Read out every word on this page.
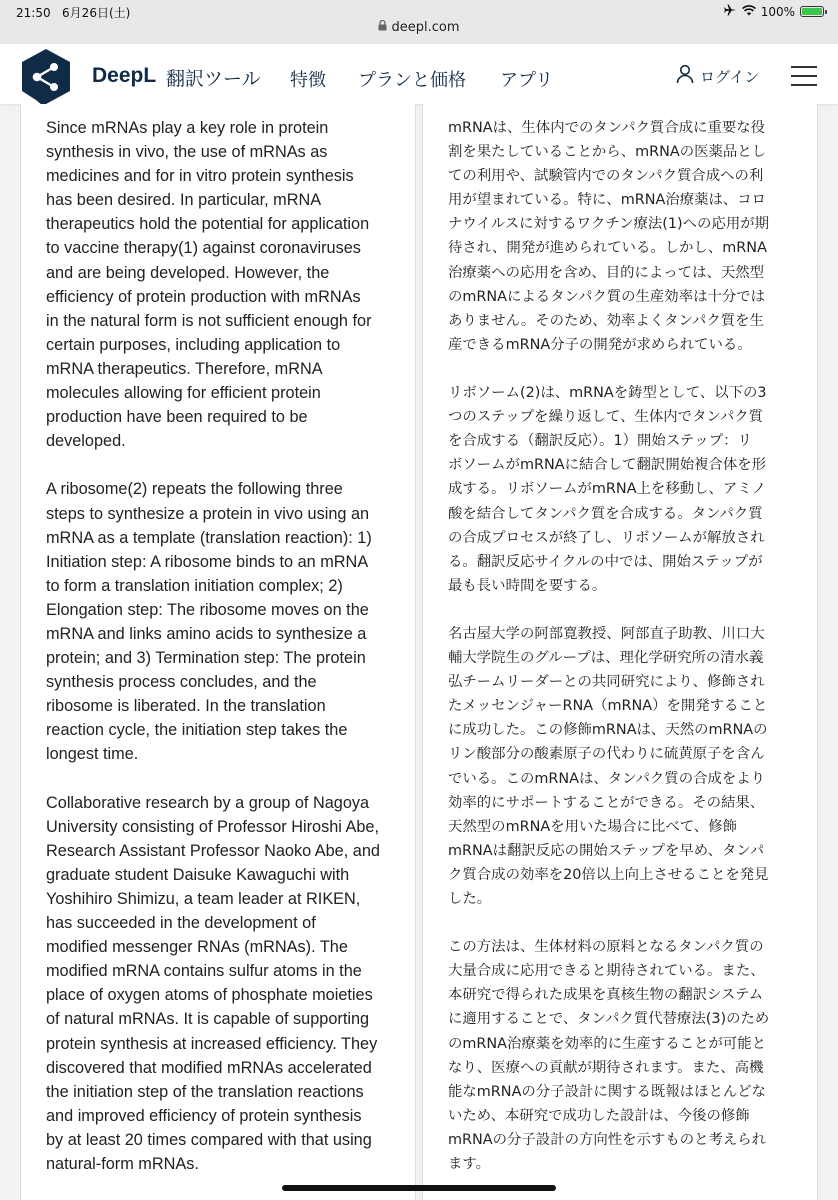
21:50 6月26日(土)
deepl.com
100%
DeepL 翻訳ツール 特徴 プランと価格 アプリ	ログイン
Since mRNAs play a key role in protein
synthesis in vivo, the use of mRNAs as
medicines and for in vitro protein synthesis
has been desired. In particular, mRNA
therapeutics hold the potential for application
to vaccine therapy(1) against coronaviruses
and are being developed. However, the
efficiency of protein production with mRNAs
in the natural form is not sufficient enough for
certain purposes, including application to
mRNA therapeutics. Therefore, mRNA
molecules allowing for efficient protein
production have been required to be
developed.

A ribosome(2) repeats the following three
steps to synthesize a protein in vivo using an
mRNA as a template (translation reaction): 1)
Initiation step: A ribosome binds to an mRNA
to form a translation initiation complex; 2)
Elongation step: The ribosome moves on the
mRNA and links amino acids to synthesize a
protein; and 3) Termination step: The protein
synthesis process concludes, and the
ribosome is liberated. In the translation
reaction cycle, the initiation step takes the
longest time.

Collaborative research by a group of Nagoya
University consisting of Professor Hiroshi Abe,
Research Assistant Professor Naoko Abe, and
graduate student Daisuke Kawaguchi with
Yoshihiro Shimizu, a team leader at RIKEN,
has succeeded in the development of
modified messenger RNAs (mRNAs). The
modified mRNA contains sulfur atoms in the
place of oxygen atoms of phosphate moieties
of natural mRNAs. It is capable of supporting
protein synthesis at increased efficiency. They
discovered that modified mRNAs accelerated
the initiation step of the translation reactions
and improved efficiency of protein synthesis
by at least 20 times compared with that using
natural-form mRNAs.
mRNAは、生体内でのタンパク質合成に重要な役
割を果たしていることから、mRNAの医薬品とし
ての利用や、試験管内でのタンパク質合成への利
用が望まれている。特に、mRNA治療薬は、コロ
ナウイルスに対するワクチン療法(1)への応用が期
待され、開発が進められている。しかし、mRNA
治療薬への応用を含め、目的によっては、天然型
のmRNAによるタンパク質の生産効率は十分では
ありません。そのため、効率よくタンパク質を生
産できるmRNA分子の開発が求められている。

リボソーム(2)は、mRNAを鋳型として、以下の3
つのステップを繰り返して、生体内でタンパク質
を合成する（翻訳反応）。1）開始ステップ：リ
ボソームがmRNAに結合して翻訳開始複合体を形
成する。リボソームがmRNA上を移動し、アミノ
酸を結合してタンパク質を合成する。タンパク質
の合成プロセスが終了し、リボソームが解放され
る。翻訳反応サイクルの中では、開始ステップが
最も長い時間を要する。

名古屋大学の阿部寛教授、阿部直子助教、川口大
輔大学院生のグループは、理化学研究所の清水義
弘チームリーダーとの共同研究により、修飾され
たメッセンジャーRNA（mRNA）を開発すること
に成功した。この修飾mRNAは、天然のmRNAの
リン酸部分の酸素原子の代わりに硫黄原子を含ん
でいる。このmRNAは、タンパク質の合成をより
効率的にサポートすることができる。その結果、
天然型のmRNAを用いた場合に比べて、修飾
mRNAは翻訳反応の開始ステップを早め、タンパ
ク質合成の効率を20倍以上向上させることを発見
した。

この方法は、生体材料の原料となるタンパク質の
大量合成に応用できると期待されている。また、
本研究で得られた成果を真核生物の翻訳システム
に適用することで、タンパク質代替療法(3)のため
のmRNA治療薬を効率的に生産することが可能と
なり、医療への貢献が期待されます。また、高機
能なmRNAの分子設計に関する既報はほとんどな
いため、本研究で成功した設計は、今後の修飾
mRNAの分子設計の方向性を示すものと考えられ
ます。
